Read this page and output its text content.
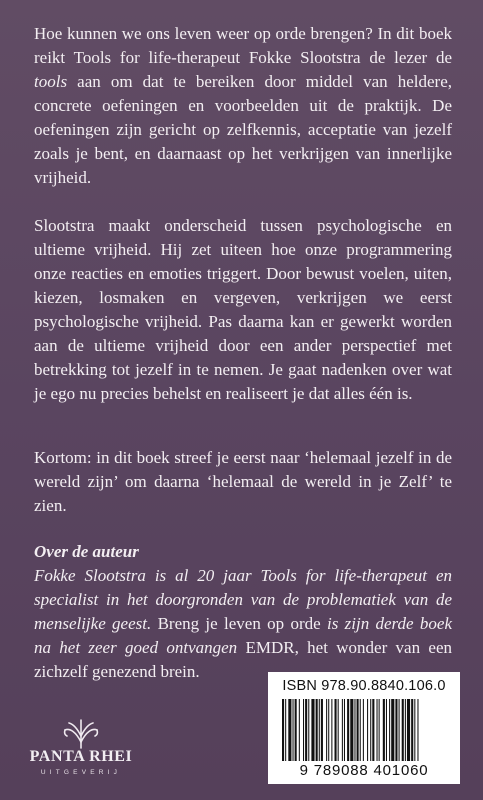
Hoe kunnen we ons leven weer op orde brengen? In dit boek reikt Tools for life-therapeut Fokke Slootstra de lezer de tools aan om dat te bereiken door middel van heldere, concrete oefeningen en voorbeelden uit de praktijk. De oefeningen zijn gericht op zelfkennis, acceptatie van jezelf zoals je bent, en daarnaast op het verkrijgen van innerlijke vrijheid.

Slootstra maakt onderscheid tussen psychologische en ultieme vrijheid. Hij zet uiteen hoe onze programmering onze reacties en emoties triggert. Door bewust voelen, uiten, kiezen, losmaken en vergeven, verkrijgen we eerst psychologische vrijheid. Pas daarna kan er gewerkt worden aan de ultieme vrijheid door een ander perspectief met betrekking tot jezelf in te nemen. Je gaat nadenken over wat je ego nu precies behelst en realiseert je dat alles één is.

Kortom: in dit boek streef je eerst naar ‘helemaal jezelf in de wereld zijn’ om daarna ‘helemaal de wereld in je Zelf’ te zien.

Over de auteur

Fokke Slootstra is al 20 jaar Tools for life-therapeut en specialist in het doorgronden van de problematiek van de menselijke geest. Breng je leven op orde is zijn derde boek na het zeer goed ontvangen EMDR, het wonder van een zichzelf genezend brein.

PANTA RHEI
UITGEVERIJ
ISBN 978.90.8840.106.0
9 789088 401060
